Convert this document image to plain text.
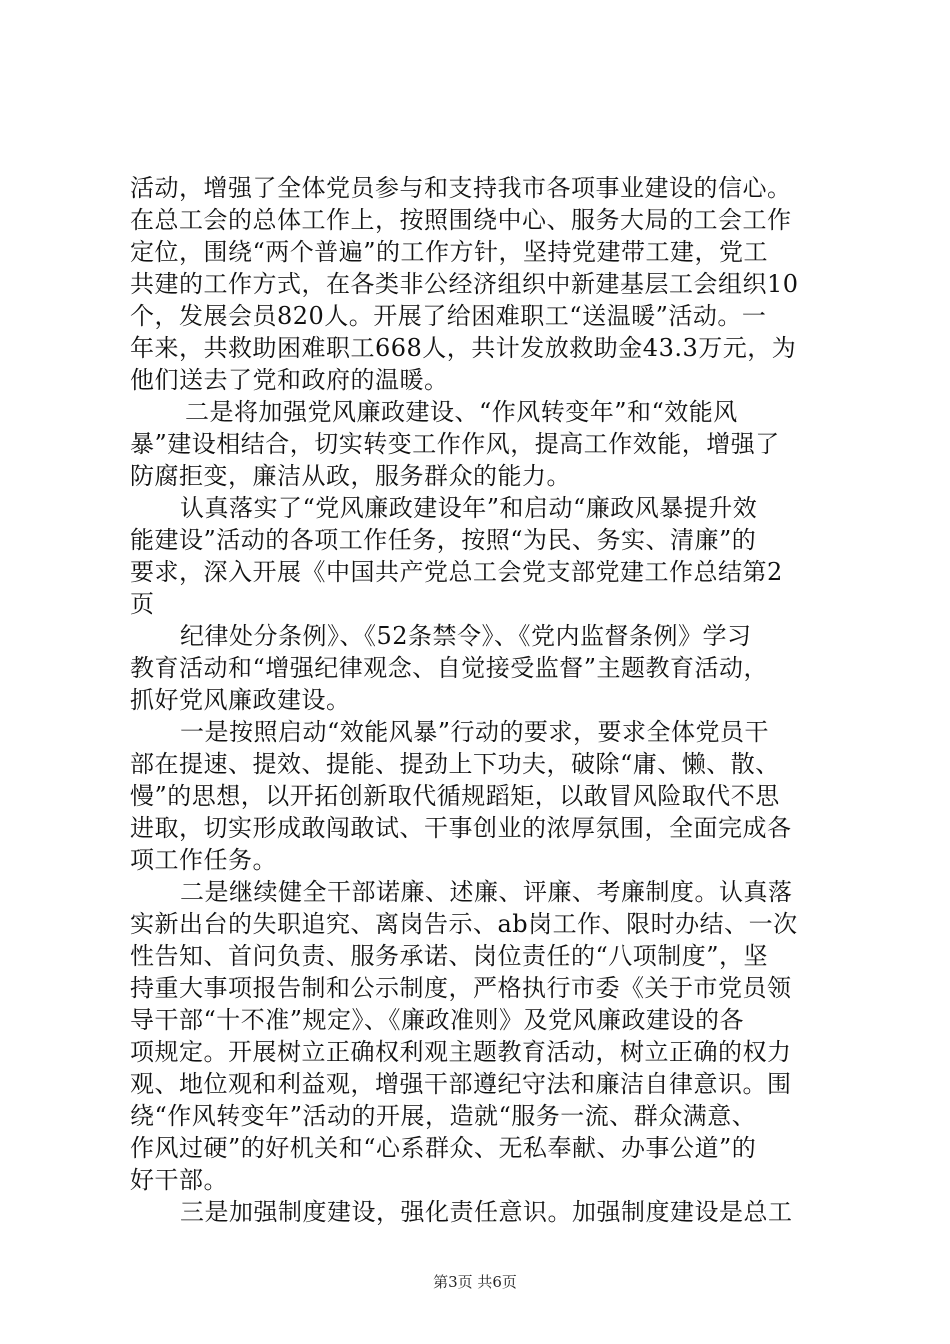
活动，增强了全体党员参与和支持我市各项事业建设的信心。
在总工会的总体工作上，按照围绕中心、服务大局的工会工作
定位，围绕“两个普遍”的工作方针，坚持党建带工建，党工
共建的工作方式，在各类非公经济组织中新建基层工会组织10
个，发展会员820人。开展了给困难职工“送温暖”活动。一
年来，共救助困难职工668人，共计发放救助金43.3万元，为
他们送去了党和政府的温暖。
二是将加强党风廉政建设、“作风转变年”和“效能风
暴”建设相结合，切实转变工作作风，提高工作效能，增强了
防腐拒变，廉洁从政，服务群众的能力。
认真落实了“党风廉政建设年”和启动“廉政风暴提升效
能建设”活动的各项工作任务，按照“为民、务实、清廉”的
要求，深入开展《中国共产党总工会党支部党建工作总结第2
页
纪律处分条例》、《52条禁令》、《党内监督条例》学习
教育活动和“增强纪律观念、自觉接受监督”主题教育活动，
抓好党风廉政建设。
一是按照启动“效能风暴”行动的要求，要求全体党员干
部在提速、提效、提能、提劲上下功夫，破除“庸、懒、散、
慢”的思想，以开拓创新取代循规蹈矩，以敢冒风险取代不思
进取，切实形成敢闯敢试、干事创业的浓厚氛围，全面完成各
项工作任务。
二是继续健全干部诺廉、述廉、评廉、考廉制度。认真落
实新出台的失职追究、离岗告示、ab岗工作、限时办结、一次
性告知、首问负责、服务承诺、岗位责任的“八项制度”，坚
持重大事项报告制和公示制度，严格执行市委《关于市党员领
导干部“十不准”规定》、《廉政准则》及党风廉政建设的各
项规定。开展树立正确权利观主题教育活动，树立正确的权力
观、地位观和利益观，增强干部遵纪守法和廉洁自律意识。围
绕“作风转变年”活动的开展，造就“服务一流、群众满意、
作风过硬”的好机关和“心系群众、无私奉献、办事公道”的
好干部。
三是加强制度建设，强化责任意识。加强制度建设是总工
第3页 共6页
